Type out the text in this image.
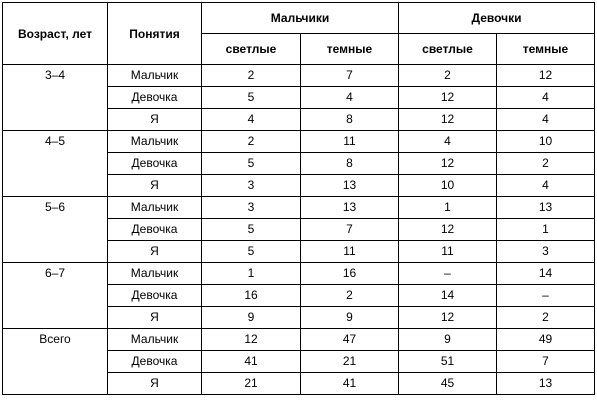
Возраст, лет	Понятия	Мальчики		Девочки	
		светлые	темные	светлые	темные
3–4	Мальчик	2	7	2	12
	Девочка	5	4	12	4
	Я	4	8	12	4
4–5	Мальчик	2	11	4	10
	Девочка	5	8	12	2
	Я	3	13	10	4
5–6	Мальчик	3	13	1	13
	Девочка	5	7	12	1
	Я	5	11	11	3
6–7	Мальчик	1	16	–	14
	Девочка	16	2	14	–
	Я	9	9	12	2
Всего	Мальчик	12	47	9	49
	Девочка	41	21	51	7
	Я	21	41	45	13
